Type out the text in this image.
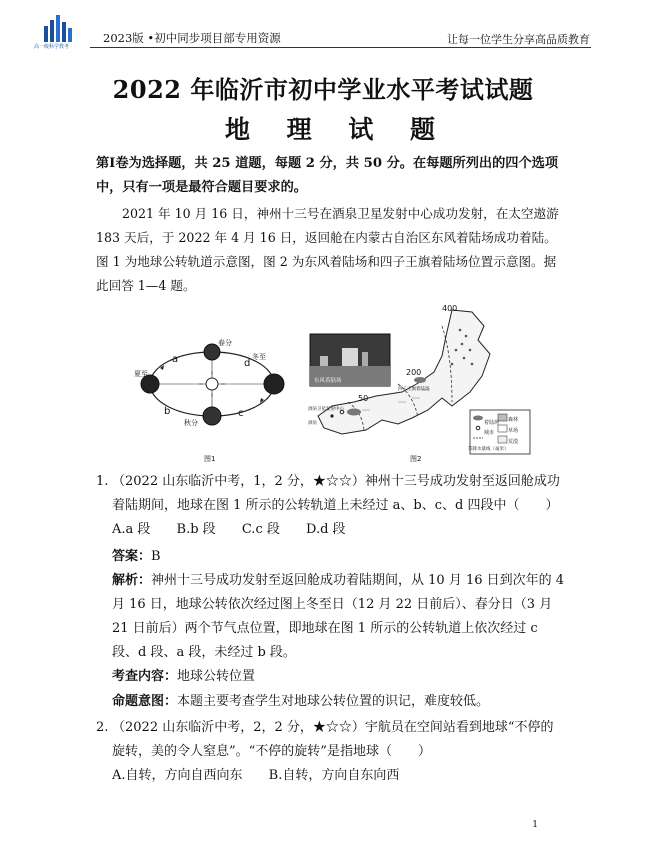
高一级科学教考
2023版 •初中同步项目部专用资源	让每一位学生分享高品质教育
2022 年临沂市初中学业水平考试试题
地 理 试 题
第Ⅰ卷为选择题，共 25 道题，每题 2 分，共 50 分。在每题所列出的四个选项中，只有一项是最符合题目要求的。
2021 年 10 月 16 日，神州十三号在酒泉卫星发射中心成功发射，在太空遨游 183 天后，于 2022 年 4 月 16 日，返回舱在内蒙古自治区东风着陆场成功着陆。图 1 为地球公转轨道示意图，图 2 为东风着陆场和四子王旗着陆场位置示意图。据此回答 1—4 题。
春分
夏至
秋分
冬至
a
b	c
d
图1
400
200
50
东风着陆场
酒泉卫星发射中心
四子王旗着陆场
酒泉
森林
草场
荒漠
着陆场
城市
等降水量线（毫米）
图2
1. （2022 山东临沂中考，1，2 分，★☆☆）神州十三号成功发射至返回舱成功着陆期间，地球在图 1 所示的公转轨道上未经过 a、b、c、d 四段中（　　）
A.a 段 B.b 段 C.c 段 D.d 段
答案：B
解析：神州十三号成功发射至返回舱成功着陆期间，从 10 月 16 日到次年的 4 月 16 日，地球公转依次经过图上冬至日（12 月 22 日前后）、春分日（3 月 21 日前后）两个节气点位置，即地球在图 1 所示的公转轨道上依次经过 c 段、d 段、a 段，未经过 b 段。
考查内容：地球公转位置
命题意图：本题主要考查学生对地球公转位置的识记，难度较低。
2. （2022 山东临沂中考，2，2 分，★☆☆）宇航员在空间站看到地球“不停的旋转，美的令人窒息”。“不停的旋转”是指地球（　　）
A.自转，方向自西向东 B.自转，方向自东向西
1
